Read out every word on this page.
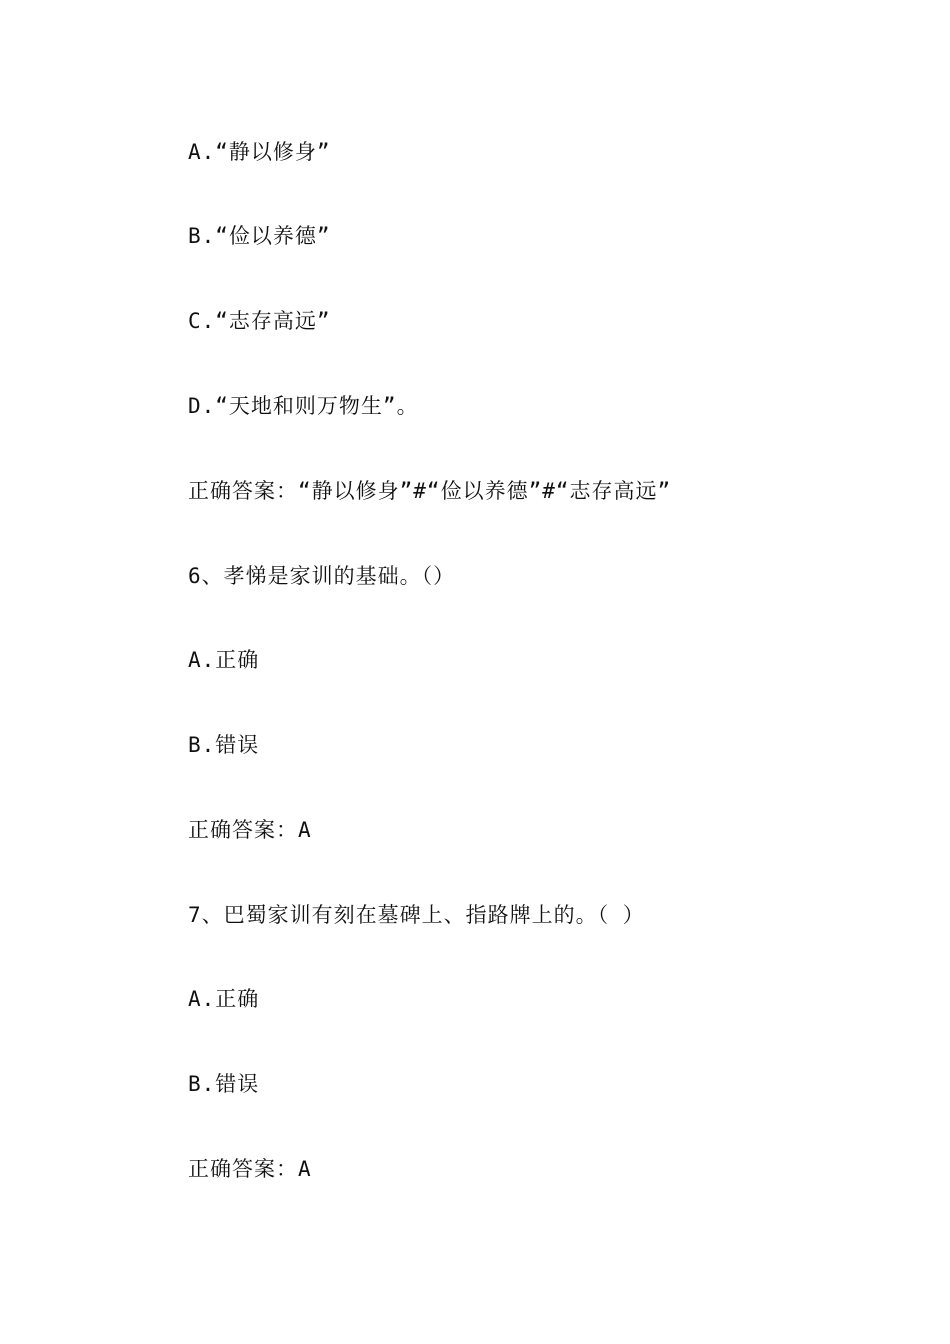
A.“静以修身”
B.“俭以养德”
C.“志存高远”
D.“天地和则万物生”。
正确答案：“静以修身”#“俭以养德”#“志存高远”
6、孝悌是家训的基础。（）
A.正确
B.错误
正确答案：A
7、巴蜀家训有刻在墓碑上、指路牌上的。（ ）
A.正确
B.错误
正确答案：A
